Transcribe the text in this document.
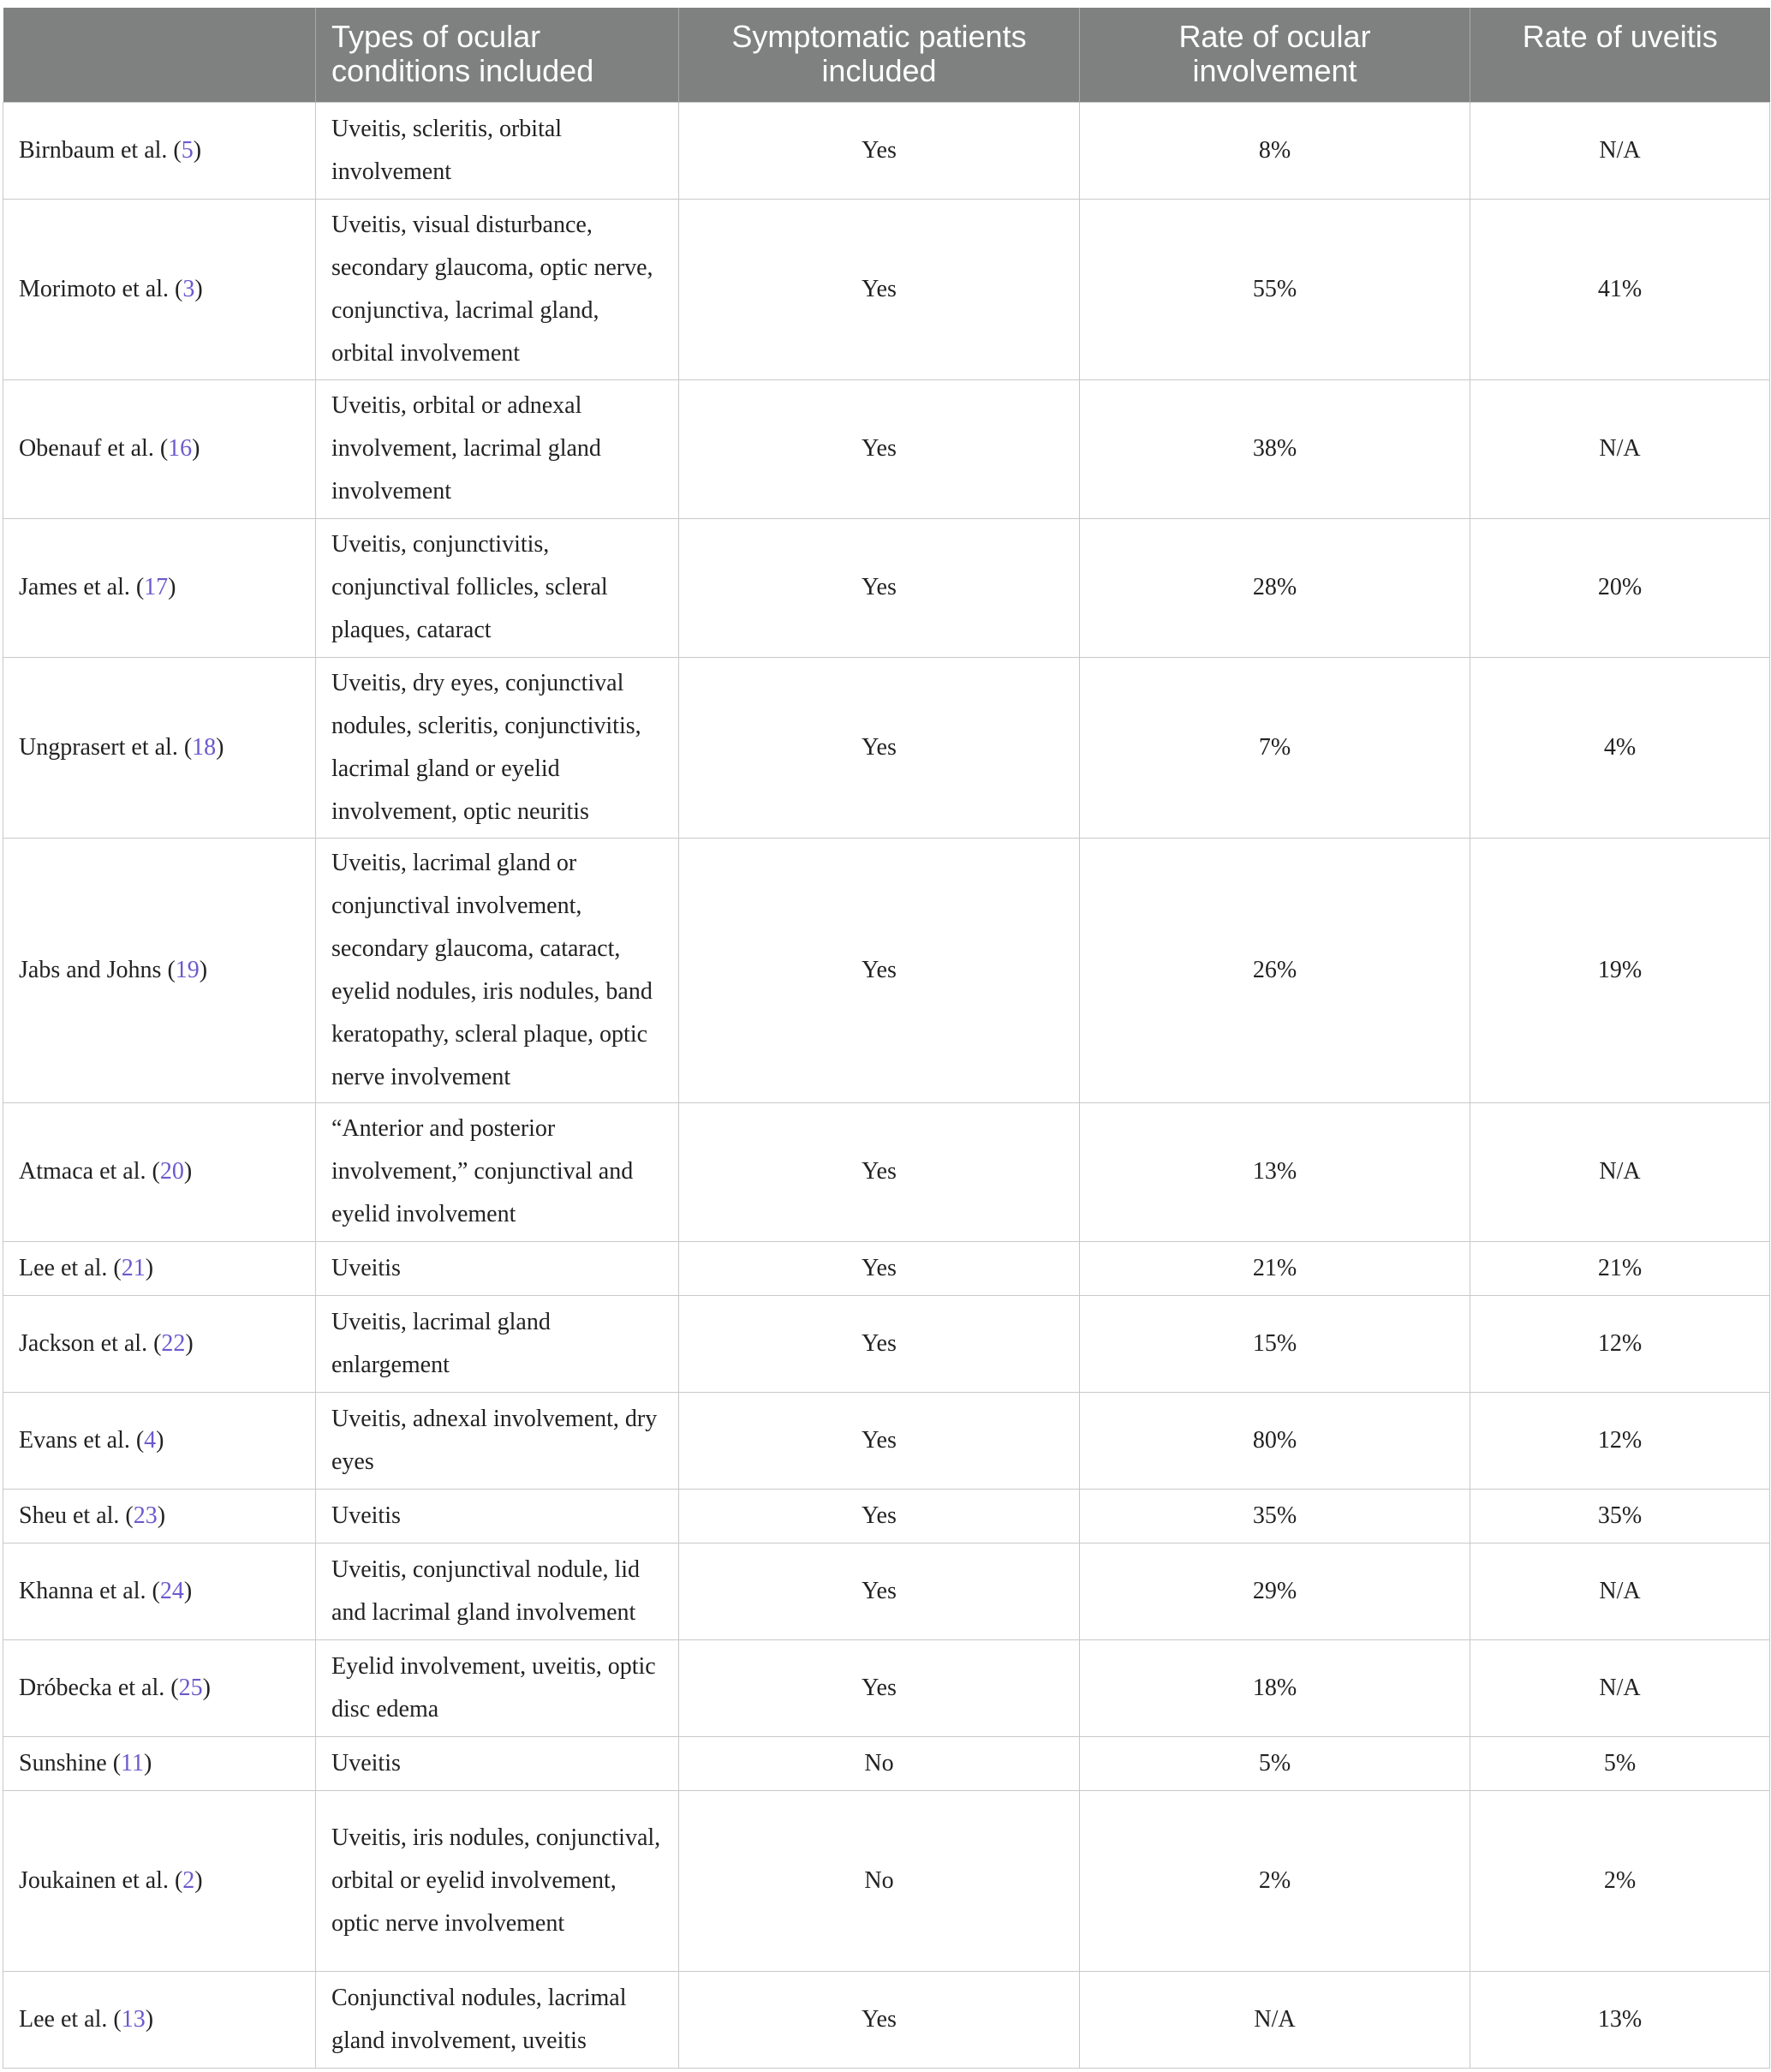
	Types of ocular conditions included	Symptomatic patients included	Rate of ocular involvement	Rate of uveitis
Birnbaum et al. (5)	Uveitis, scleritis, orbital involvement	Yes	8%	N/A
Morimoto et al. (3)	Uveitis, visual disturbance, secondary glaucoma, optic nerve, conjunctiva, lacrimal gland, orbital involvement	Yes	55%	41%
Obenauf et al. (16)	Uveitis, orbital or adnexal involvement, lacrimal gland involvement	Yes	38%	N/A
James et al. (17)	Uveitis, conjunctivitis, conjunctival follicles, scleral plaques, cataract	Yes	28%	20%
Ungprasert et al. (18)	Uveitis, dry eyes, conjunctival nodules, scleritis, conjunctivitis, lacrimal gland or eyelid involvement, optic neuritis	Yes	7%	4%
Jabs and Johns (19)	Uveitis, lacrimal gland or conjunctival involvement, secondary glaucoma, cataract, eyelid nodules, iris nodules, band keratopathy, scleral plaque, optic nerve involvement	Yes	26%	19%
Atmaca et al. (20)	“Anterior and posterior involvement,” conjunctival and eyelid involvement	Yes	13%	N/A
Lee et al. (21)	Uveitis	Yes	21%	21%
Jackson et al. (22)	Uveitis, lacrimal gland enlargement	Yes	15%	12%
Evans et al. (4)	Uveitis, adnexal involvement, dry eyes	Yes	80%	12%
Sheu et al. (23)	Uveitis	Yes	35%	35%
Khanna et al. (24)	Uveitis, conjunctival nodule, lid and lacrimal gland involvement	Yes	29%	N/A
Dróbecka et al. (25)	Eyelid involvement, uveitis, optic disc edema	Yes	18%	N/A
Sunshine (11)	Uveitis	No	5%	5%
Joukainen et al. (2)	Uveitis, iris nodules, conjunctival, orbital or eyelid involvement, optic nerve involvement	No	2%	2%
Lee et al. (13)	Conjunctival nodules, lacrimal gland involvement, uveitis	Yes	N/A	13%
